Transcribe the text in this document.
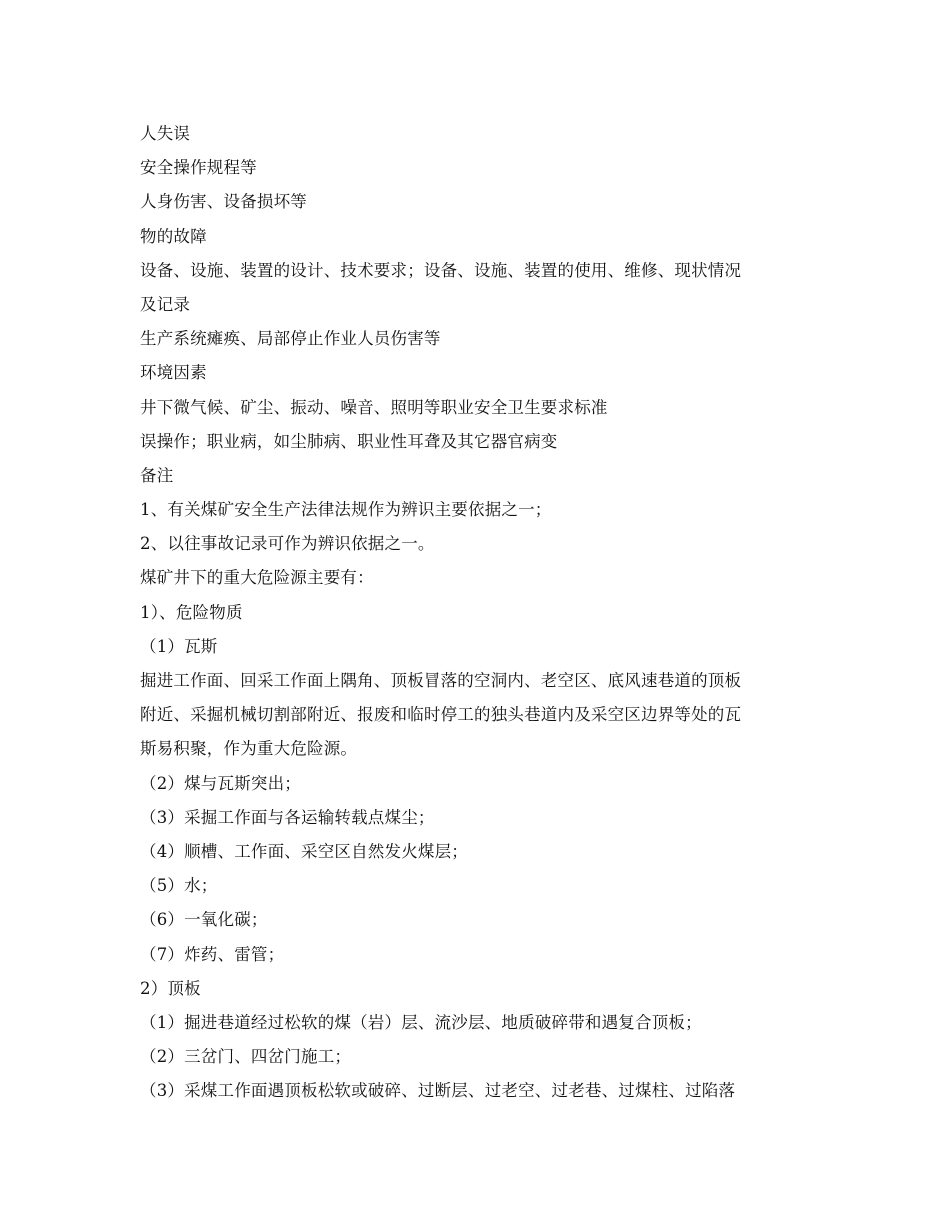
人失误
安全操作规程等
人身伤害、设备损坏等
物的故障
设备、设施、装置的设计、技术要求；设备、设施、装置的使用、维修、现状情况
及记录
生产系统瘫痪、局部停止作业人员伤害等
环境因素
井下微气候、矿尘、振动、噪音、照明等职业安全卫生要求标准
误操作；职业病，如尘肺病、职业性耳聋及其它器官病变
备注
1、有关煤矿安全生产法律法规作为辨识主要依据之一；
2、以往事故记录可作为辨识依据之一。
煤矿井下的重大危险源主要有：
1）、危险物质
（1）瓦斯
掘进工作面、回采工作面上隅角、顶板冒落的空洞内、老空区、底风速巷道的顶板
附近、采掘机械切割部附近、报废和临时停工的独头巷道内及采空区边界等处的瓦
斯易积聚，作为重大危险源。
（2）煤与瓦斯突出；
（3）采掘工作面与各运输转载点煤尘；
（4）顺槽、工作面、采空区自然发火煤层；
（5）水；
（6）一氧化碳；
（7）炸药、雷管；
2）顶板
（1）掘进巷道经过松软的煤（岩）层、流沙层、地质破碎带和遇复合顶板；
（2）三岔门、四岔门施工；
（3）采煤工作面遇顶板松软或破碎、过断层、过老空、过老巷、过煤柱、过陷落
